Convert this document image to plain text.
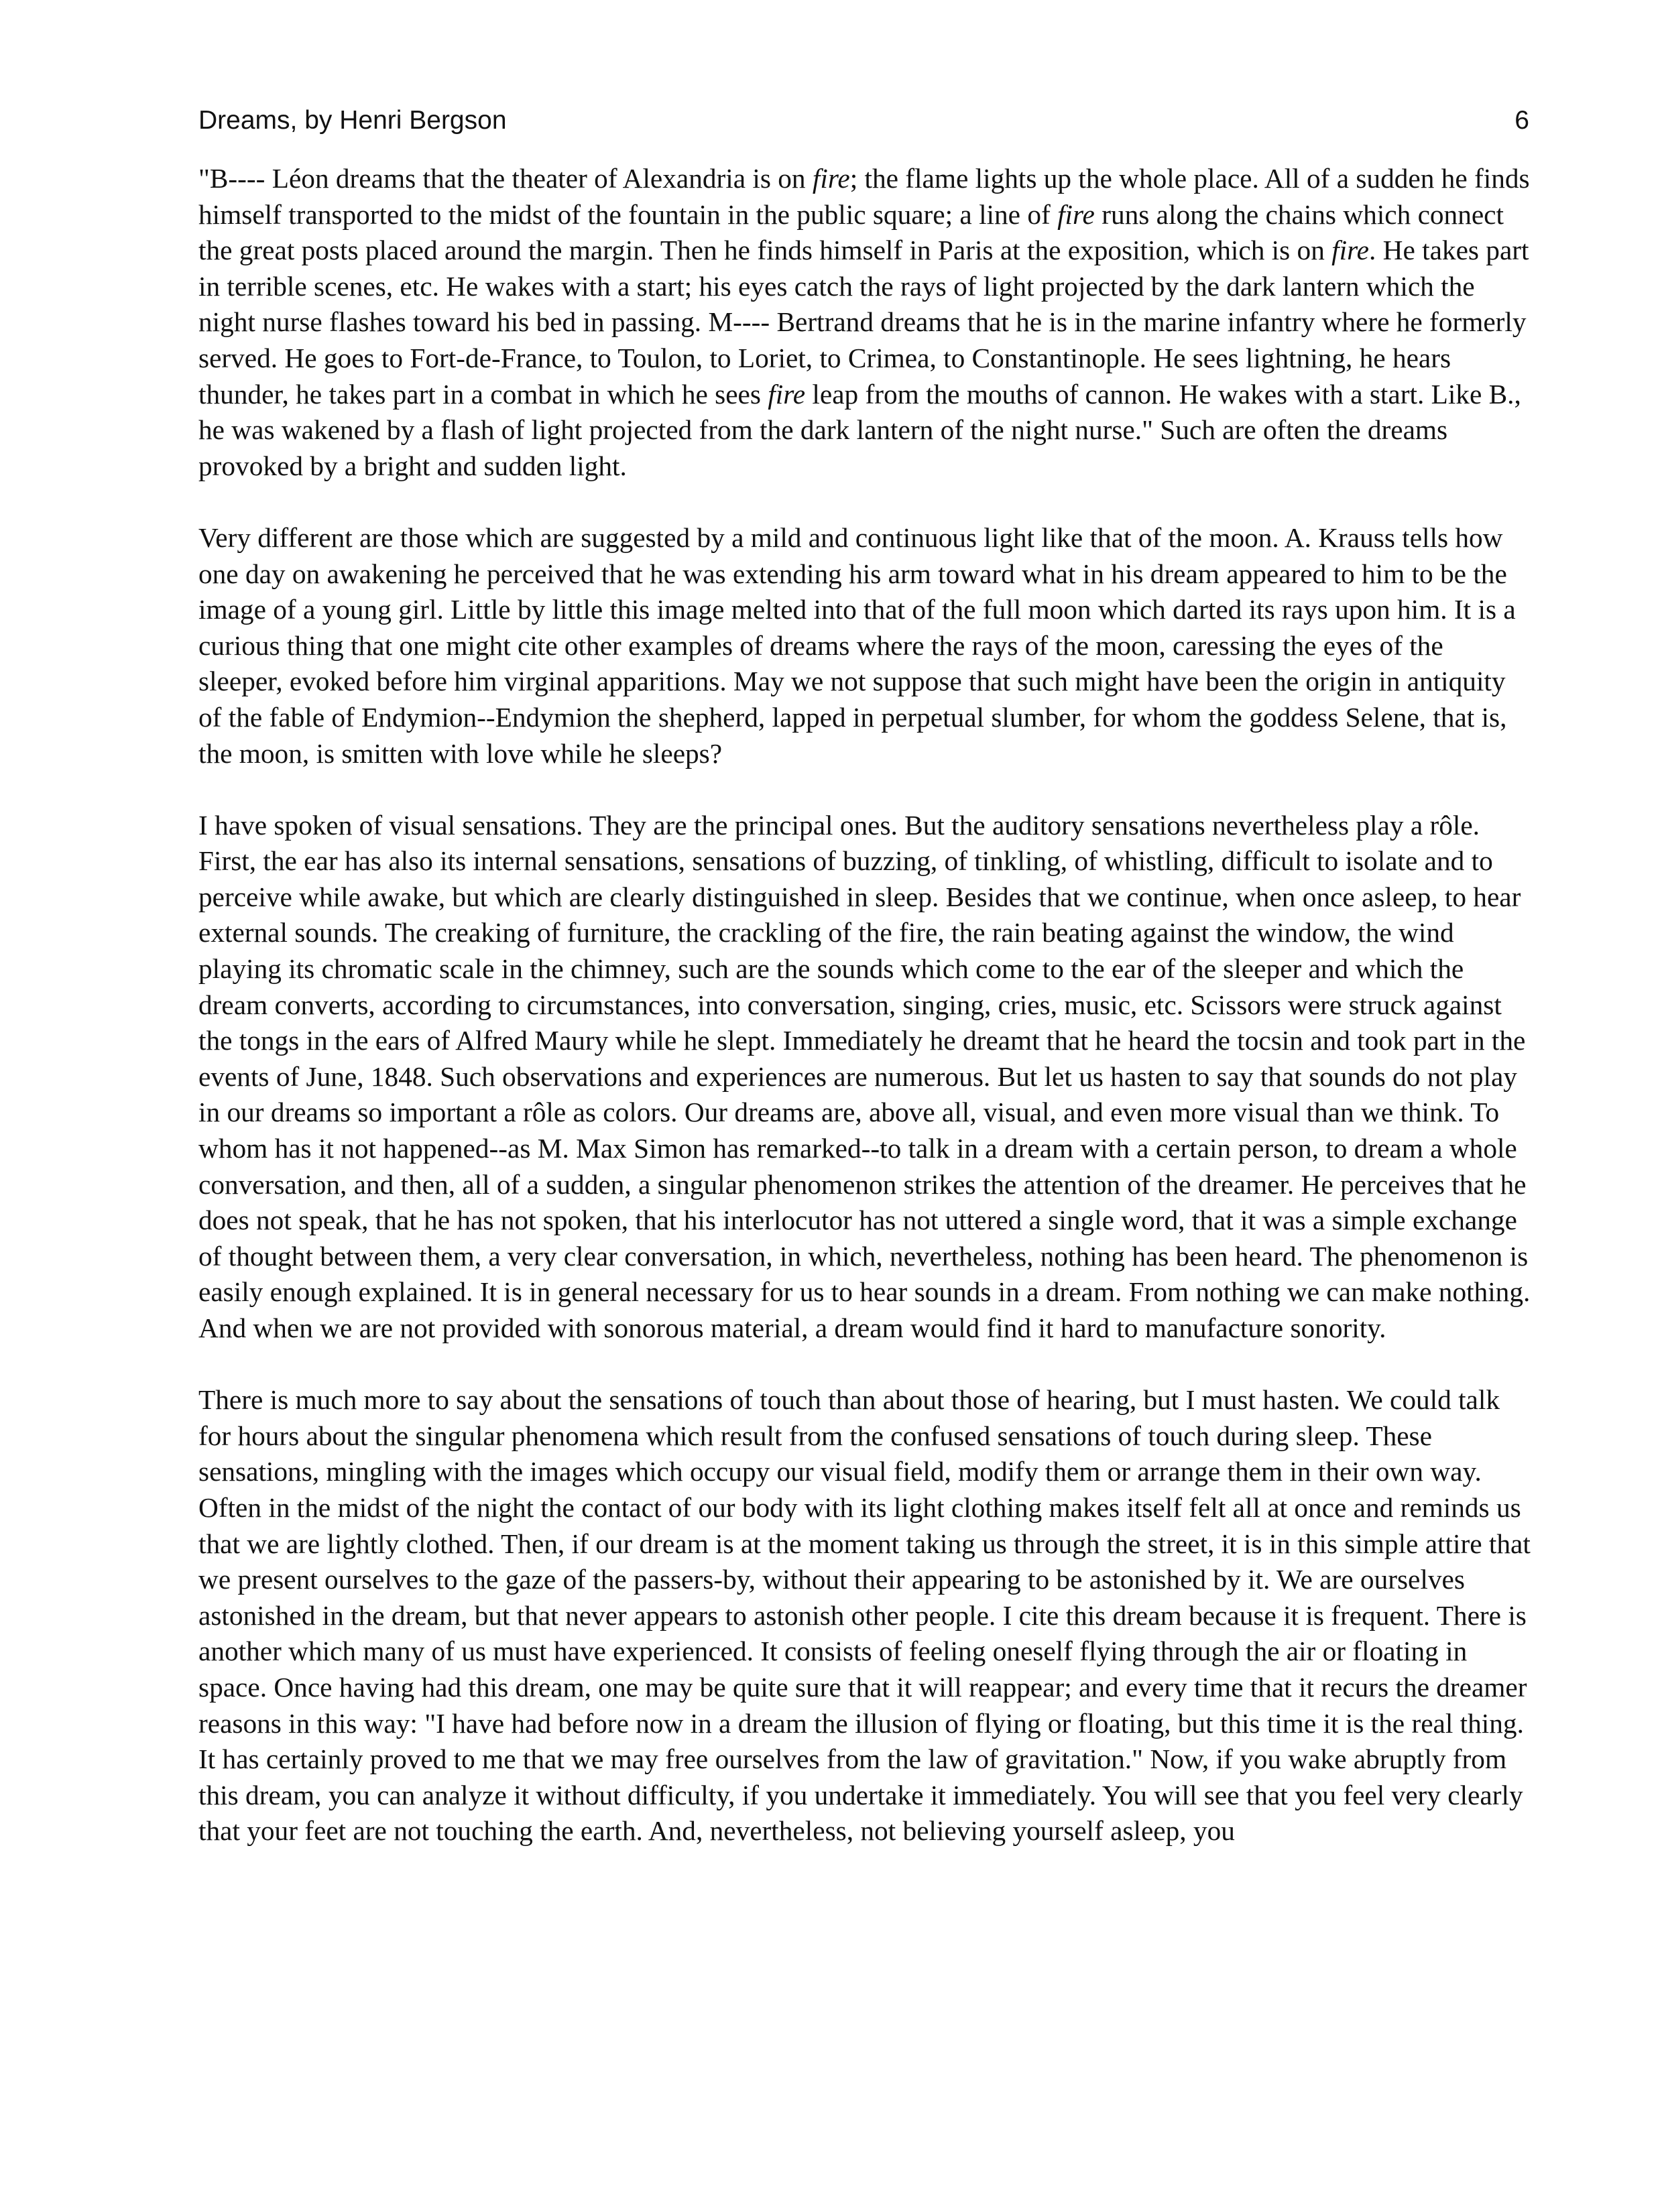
Dreams, by Henri Bergson	6

"B---- Léon dreams that the theater of Alexandria is on fire; the flame lights up the whole place. All of a sudden he finds himself transported to the midst of the fountain in the public square; a line of fire runs along the chains which connect the great posts placed around the margin. Then he finds himself in Paris at the exposition, which is on fire. He takes part in terrible scenes, etc. He wakes with a start; his eyes catch the rays of light projected by the dark lantern which the night nurse flashes toward his bed in passing. M---- Bertrand dreams that he is in the marine infantry where he formerly served. He goes to Fort-de-France, to Toulon, to Loriet, to Crimea, to Constantinople. He sees lightning, he hears thunder, he takes part in a combat in which he sees fire leap from the mouths of cannon. He wakes with a start. Like B., he was wakened by a flash of light projected from the dark lantern of the night nurse." Such are often the dreams provoked by a bright and sudden light.

Very different are those which are suggested by a mild and continuous light like that of the moon. A. Krauss tells how one day on awakening he perceived that he was extending his arm toward what in his dream appeared to him to be the image of a young girl. Little by little this image melted into that of the full moon which darted its rays upon him. It is a curious thing that one might cite other examples of dreams where the rays of the moon, caressing the eyes of the sleeper, evoked before him virginal apparitions. May we not suppose that such might have been the origin in antiquity of the fable of Endymion--Endymion the shepherd, lapped in perpetual slumber, for whom the goddess Selene, that is, the moon, is smitten with love while he sleeps?

I have spoken of visual sensations. They are the principal ones. But the auditory sensations nevertheless play a rôle. First, the ear has also its internal sensations, sensations of buzzing, of tinkling, of whistling, difficult to isolate and to perceive while awake, but which are clearly distinguished in sleep. Besides that we continue, when once asleep, to hear external sounds. The creaking of furniture, the crackling of the fire, the rain beating against the window, the wind playing its chromatic scale in the chimney, such are the sounds which come to the ear of the sleeper and which the dream converts, according to circumstances, into conversation, singing, cries, music, etc. Scissors were struck against the tongs in the ears of Alfred Maury while he slept. Immediately he dreamt that he heard the tocsin and took part in the events of June, 1848. Such observations and experiences are numerous. But let us hasten to say that sounds do not play in our dreams so important a rôle as colors. Our dreams are, above all, visual, and even more visual than we think. To whom has it not happened--as M. Max Simon has remarked--to talk in a dream with a certain person, to dream a whole conversation, and then, all of a sudden, a singular phenomenon strikes the attention of the dreamer. He perceives that he does not speak, that he has not spoken, that his interlocutor has not uttered a single word, that it was a simple exchange of thought between them, a very clear conversation, in which, nevertheless, nothing has been heard. The phenomenon is easily enough explained. It is in general necessary for us to hear sounds in a dream. From nothing we can make nothing. And when we are not provided with sonorous material, a dream would find it hard to manufacture sonority.

There is much more to say about the sensations of touch than about those of hearing, but I must hasten. We could talk for hours about the singular phenomena which result from the confused sensations of touch during sleep. These sensations, mingling with the images which occupy our visual field, modify them or arrange them in their own way. Often in the midst of the night the contact of our body with its light clothing makes itself felt all at once and reminds us that we are lightly clothed. Then, if our dream is at the moment taking us through the street, it is in this simple attire that we present ourselves to the gaze of the passers-by, without their appearing to be astonished by it. We are ourselves astonished in the dream, but that never appears to astonish other people. I cite this dream because it is frequent. There is another which many of us must have experienced. It consists of feeling oneself flying through the air or floating in space. Once having had this dream, one may be quite sure that it will reappear; and every time that it recurs the dreamer reasons in this way: "I have had before now in a dream the illusion of flying or floating, but this time it is the real thing. It has certainly proved to me that we may free ourselves from the law of gravitation." Now, if you wake abruptly from this dream, you can analyze it without difficulty, if you undertake it immediately. You will see that you feel very clearly that your feet are not touching the earth. And, nevertheless, not believing yourself asleep, you
